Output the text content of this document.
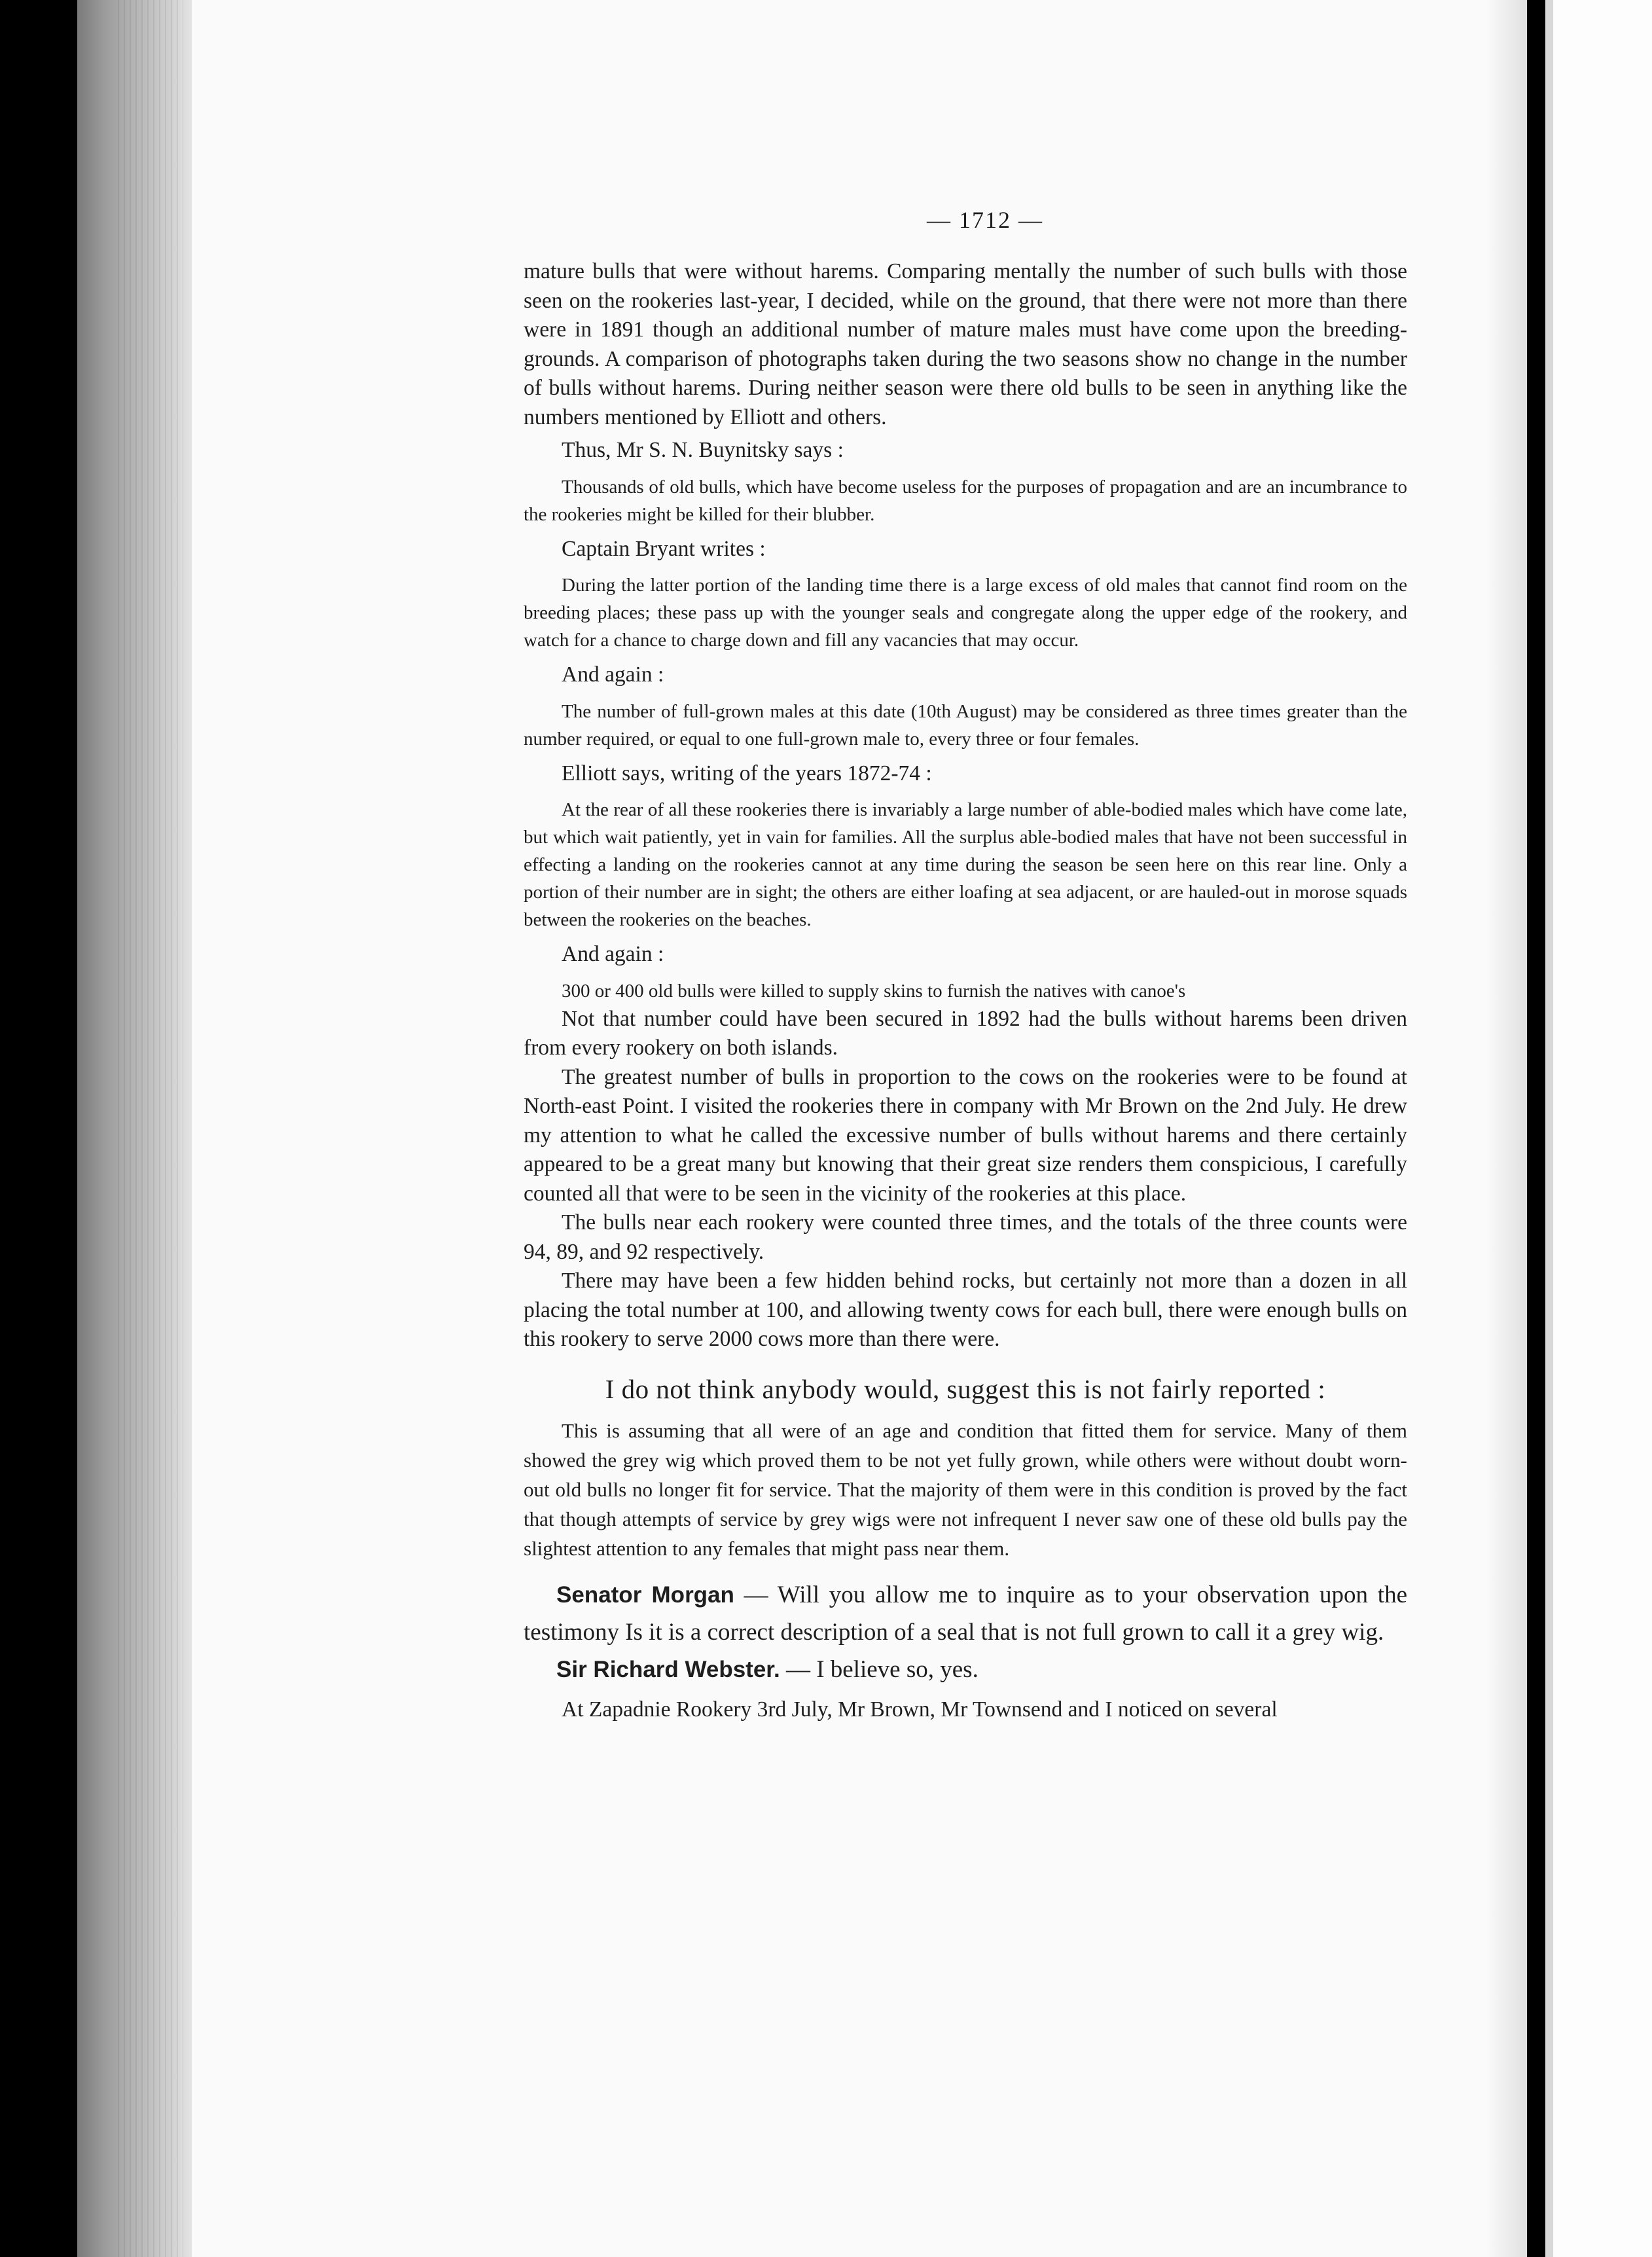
— 1712 —

mature bulls that were without harems. Comparing mentally the number of such bulls with those seen on the rookeries last-year, I decided, while on the ground, that there were not more than there were in 1891 though an additional number of mature males must have come upon the breeding-grounds. A comparison of photographs taken during the two seasons show no change in the number of bulls without harems. During neither season were there old bulls to be seen in anything like the numbers mentioned by Elliott and others.

Thus, Mr S. N. Buynitsky says :

Thousands of old bulls, which have become useless for the purposes of propagation and are an incumbrance to the rookeries might be killed for their blubber.

Captain Bryant writes :

During the latter portion of the landing time there is a large excess of old males that cannot find room on the breeding places; these pass up with the younger seals and congregate along the upper edge of the rookery, and watch for a chance to charge down and fill any vacancies that may occur.

And again :

The number of full-grown males at this date (10th August) may be considered as three times greater than the number required, or equal to one full-grown male to, every three or four females.

Elliott says, writing of the years 1872-74 :

At the rear of all these rookeries there is invariably a large number of able-bodied males which have come late, but which wait patiently, yet in vain for families. All the surplus able-bodied males that have not been successful in effecting a landing on the rookeries cannot at any time during the season be seen here on this rear line. Only a portion of their number are in sight; the others are either loafing at sea adjacent, or are hauled-out in morose squads between the rookeries on the beaches.

And again :

300 or 400 old bulls were killed to supply skins to furnish the natives with canoe's

Not that number could have been secured in 1892 had the bulls without harems been driven from every rookery on both islands.

The greatest number of bulls in proportion to the cows on the rookeries were to be found at North-east Point. I visited the rookeries there in company with Mr Brown on the 2nd July. He drew my attention to what he called the excessive number of bulls without harems and there certainly appeared to be a great many but knowing that their great size renders them conspicious, I carefully counted all that were to be seen in the vicinity of the rookeries at this place.

The bulls near each rookery were counted three times, and the totals of the three counts were 94, 89, and 92 respectively.

There may have been a few hidden behind rocks, but certainly not more than a dozen in all placing the total number at 100, and allowing twenty cows for each bull, there were enough bulls on this rookery to serve 2000 cows more than there were.

I do not think anybody would, suggest this is not fairly reported :

This is assuming that all were of an age and condition that fitted them for service. Many of them showed the grey wig which proved them to be not yet fully grown, while others were without doubt worn-out old bulls no longer fit for service. That the majority of them were in this condition is proved by the fact that though attempts of service by grey wigs were not infrequent I never saw one of these old bulls pay the slightest attention to any females that might pass near them.

Senator Morgan — Will you allow me to inquire as to your observation upon the testimony Is it is a correct description of a seal that is not full grown to call it a grey wig.

Sir Richard Webster. — I believe so, yes.

At Zapadnie Rookery 3rd July, Mr Brown, Mr Townsend and I noticed on several
